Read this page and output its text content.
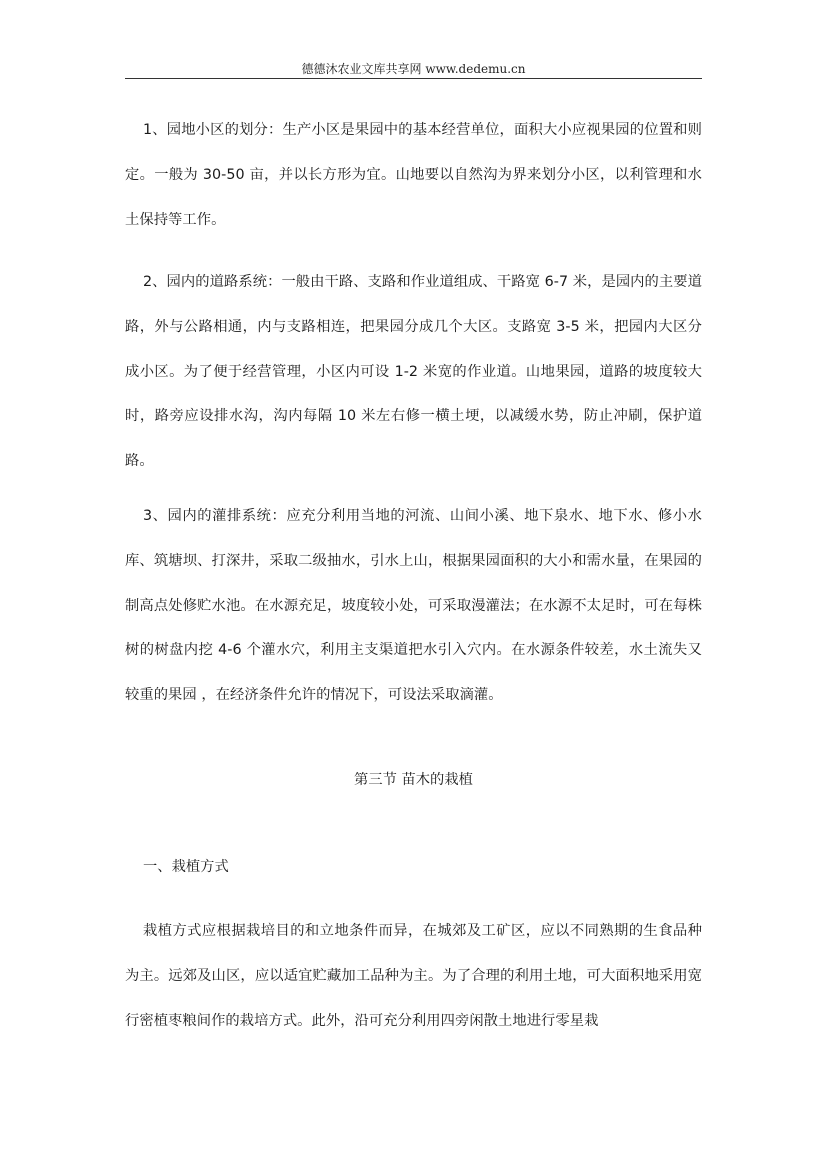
德德沐农业文库共享网 www.dedemu.cn

1、园地小区的划分：生产小区是果园中的基本经营单位，面积大小应视果园的位置和则定。一般为 30-50 亩，并以长方形为宜。山地要以自然沟为界来划分小区，以利管理和水土保持等工作。

2、园内的道路系统：一般由干路、支路和作业道组成、干路宽 6-7 米，是园内的主要道路，外与公路相通，内与支路相连，把果园分成几个大区。支路宽 3-5 米，把园内大区分成小区。为了便于经营管理，小区内可设 1-2 米宽的作业道。山地果园，道路的坡度较大时，路旁应设排水沟，沟内每隔 10 米左右修一横土埂，以减缓水势，防止冲刷，保护道路。

3、园内的灌排系统：应充分利用当地的河流、山间小溪、地下泉水、地下水、修小水库、筑塘坝、打深井，采取二级抽水，引水上山，根据果园面积的大小和需水量，在果园的制高点处修贮水池。在水源充足，坡度较小处，可采取漫灌法；在水源不太足时，可在每株树的树盘内挖 4-6 个灌水穴，利用主支渠道把水引入穴内。在水源条件较差，水土流失又较重的果园 ，在经济条件允许的情况下，可设法采取滴灌。

第三节 苗木的栽植
一、栽植方式

栽植方式应根据栽培目的和立地条件而异，在城郊及工矿区，应以不同熟期的生食品种为主。远郊及山区，应以适宜贮藏加工品种为主。为了合理的利用土地，可大面积地采用宽行密植枣粮间作的栽培方式。此外，沿可充分利用四旁闲散土地进行零星栽
